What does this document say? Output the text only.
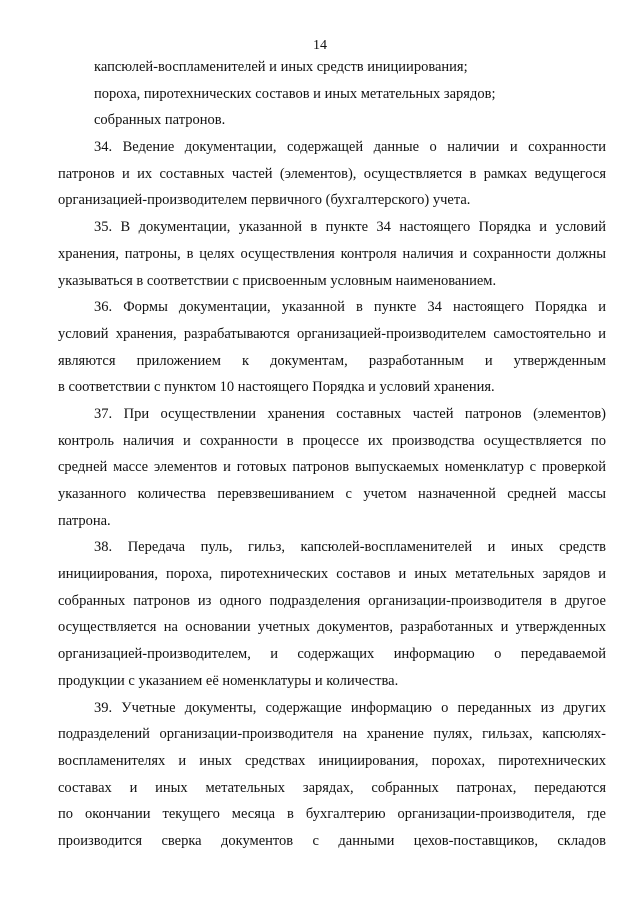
14
капсюлей-воспламенителей и иных средств инициирования;
пороха, пиротехнических составов и иных метательных зарядов;
собранных патронов.
34. Ведение документации, содержащей данные о наличии и сохранности
патронов и их составных частей (элементов), осуществляется в рамках ведущегося
организацией-производителем первичного (бухгалтерского) учета.
35. В документации, указанной в пункте 34 настоящего Порядка и условий
хранения, патроны, в целях осуществления контроля наличия и сохранности должны
указываться в соответствии с присвоенным условным наименованием.
36. Формы документации, указанной в пункте 34 настоящего Порядка и
условий хранения, разрабатываются организацией-производителем самостоятельно и
являются приложением к документам, разработанным и утвержденным
в соответствии с пунктом 10 настоящего Порядка и условий хранения.
37. При осуществлении хранения составных частей патронов (элементов)
контроль наличия и сохранности в процессе их производства осуществляется по
средней массе элементов и готовых патронов выпускаемых номенклатур с проверкой
указанного количества перевзвешиванием с учетом назначенной средней массы
патрона.
38. Передача пуль, гильз, капсюлей-воспламенителей и иных средств
инициирования, пороха, пиротехнических составов и иных метательных зарядов и
собранных патронов из одного подразделения организации-производителя в другое
осуществляется на основании учетных документов, разработанных и утвержденных
организацией-производителем, и содержащих информацию о передаваемой
продукции с указанием её номенклатуры и количества.
39. Учетные документы, содержащие информацию о переданных из других
подразделений организации-производителя на хранение пулях, гильзах, капсюлях-
воспламенителях и иных средствах инициирования, порохах, пиротехнических
составах и иных метательных зарядах, собранных патронах, передаются
по окончании текущего месяца в бухгалтерию организации-производителя, где
производится сверка документов с данными цехов-поставщиков, складов
